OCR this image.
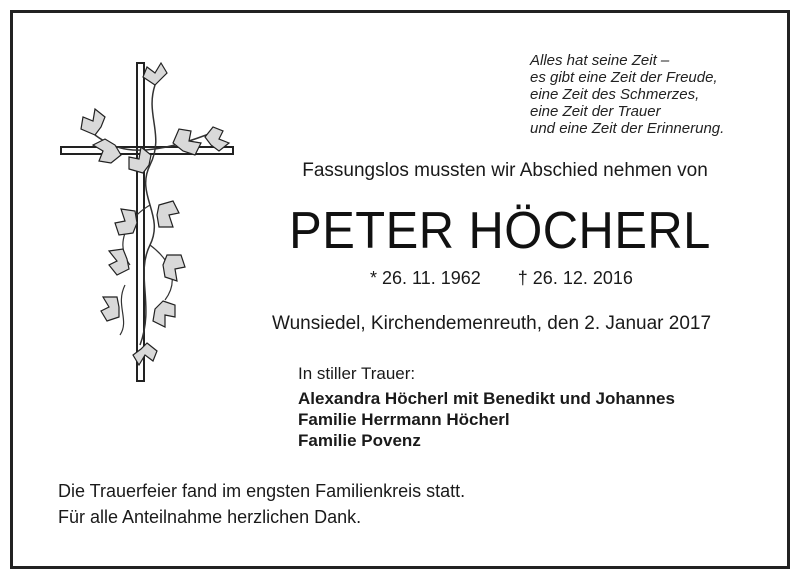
Alles hat seine Zeit –
es gibt eine Zeit der Freude,
eine Zeit des Schmerzes,
eine Zeit der Trauer
und eine Zeit der Erinnerung.
Fassungslos mussten wir Abschied nehmen von
PETER HÖCHERL
* 26. 11. 1962 † 26. 12. 2016
Wunsiedel, Kirchendemenreuth, den 2. Januar 2017
In stiller Trauer:
Alexandra Höcherl mit Benedikt und Johannes
Familie Herrmann Höcherl
Familie Povenz
Die Trauerfeier fand im engsten Familienkreis statt.
Für alle Anteilnahme herzlichen Dank.
